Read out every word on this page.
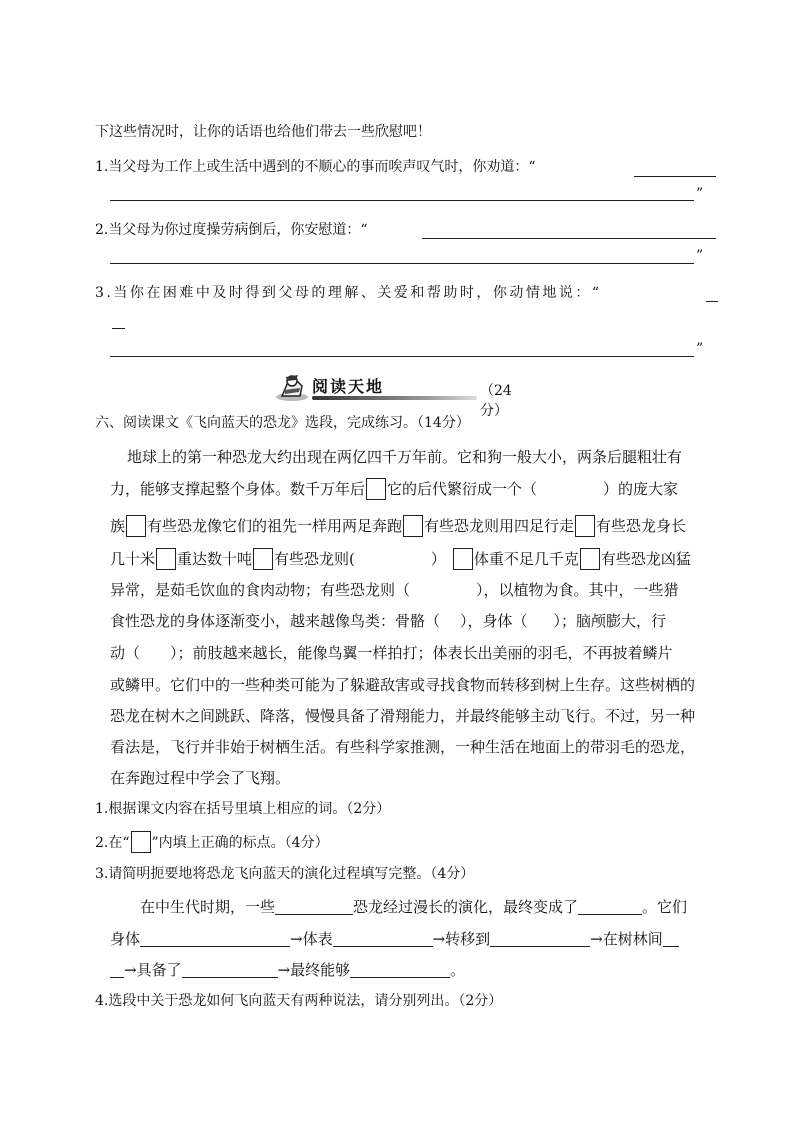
下这些情况时，让你的话语也给他们带去一些欣慰吧！
1.当父母为工作上或生活中遇到的不顺心的事而唉声叹气时，你劝道：“
”
2.当父母为你过度操劳病倒后，你安慰道：“
”
3.当你在困难中及时得到父母的理解、关爱和帮助时，你动情地说：“
”
阅读天地	（24分）
六、阅读课文《飞向蓝天的恐龙》选段，完成练习。（14分）
地球上的第一种恐龙大约出现在两亿四千万年前。它和狗一般大小，两条后腿粗壮有
力，能够支撑起整个身体。数千万年后 它的后代繁衍成一个（	）的庞大家
族 有些恐龙像它们的祖先一样用两足奔跑 有些恐龙则用四足行走 有些恐龙身长
几十米 重达数十吨 有些恐龙则(	） 体重不足几千克 有些恐龙凶猛
异常，是茹毛饮血的食肉动物；有些恐龙则（	），以植物为食。其中，一些猎
食性恐龙的身体逐渐变小，越来越像鸟类：骨骼（ ），身体（ ）；脑颅膨大，行
动（ ）；前肢越来越长，能像鸟翼一样拍打；体表长出美丽的羽毛，不再披着鳞片
或鳞甲。它们中的一些种类可能为了躲避敌害或寻找食物而转移到树上生存。这些树栖的
恐龙在树木之间跳跃、降落，慢慢具备了滑翔能力，并最终能够主动飞行。不过，另一种
看法是，飞行并非始于树栖生活。有些科学家推测，一种生活在地面上的带羽毛的恐龙，
在奔跑过程中学会了飞翔。
1.根据课文内容在括号里填上相应的词。（2分）
2.在“ ”内填上正确的标点。（4分）
3.请简明扼要地将恐龙飞向蓝天的演化过程填写完整。（4分）
在中生代时期，一些	恐龙经过漫长的演化，最终变成了	。它们
身体	→体表	→转移到	→在树林间
→具备了	→最终能够	。
4.选段中关于恐龙如何飞向蓝天有两种说法，请分别列出。（2分）
